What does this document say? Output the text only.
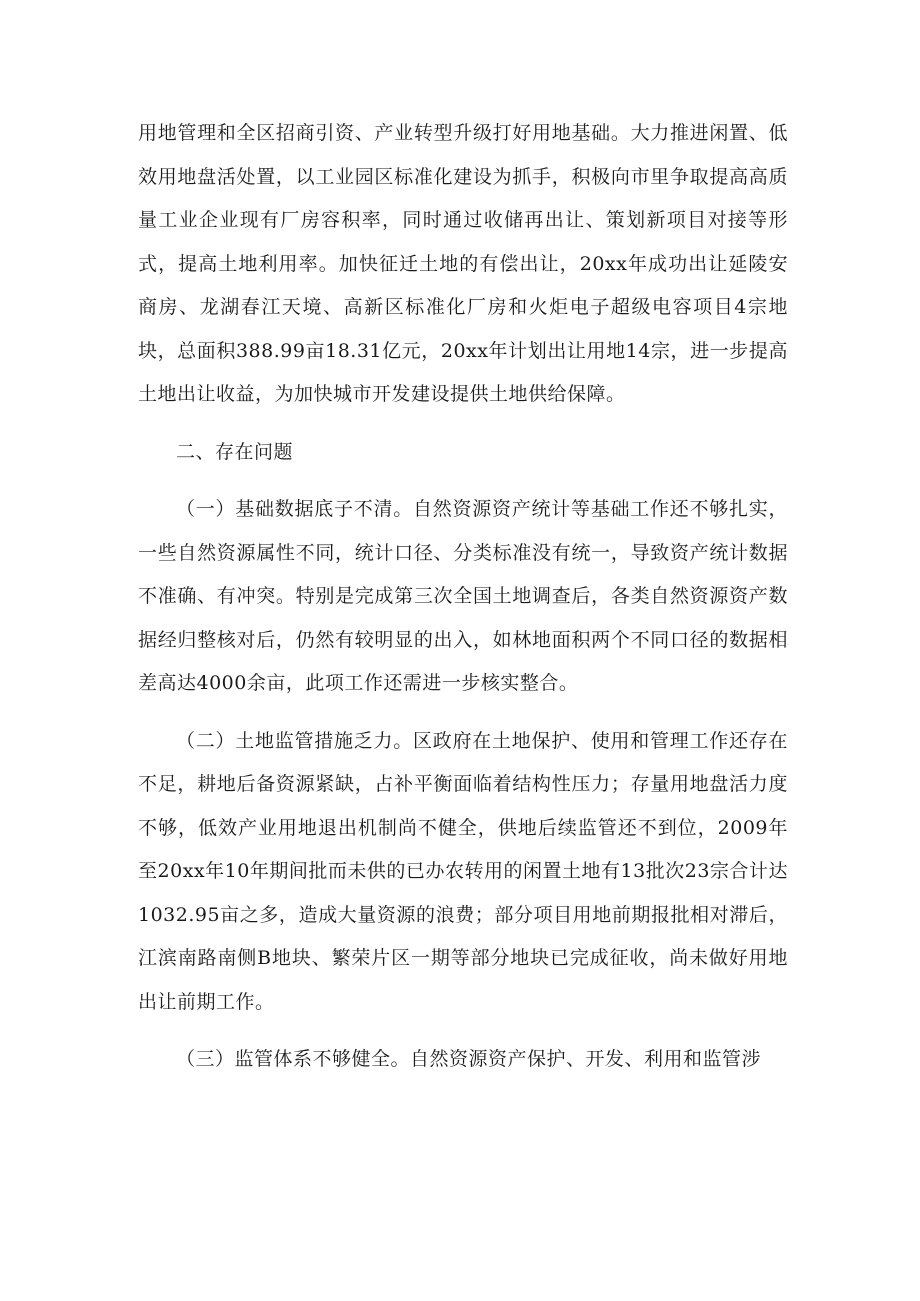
用地管理和全区招商引资、产业转型升级打好用地基础。大力推进闲置、低效用地盘活处置，以工业园区标准化建设为抓手，积极向市里争取提高高质量工业企业现有厂房容积率，同时通过收储再出让、策划新项目对接等形式，提高土地利用率。加快征迁土地的有偿出让，20xx年成功出让延陵安商房、龙湖春江天境、高新区标准化厂房和火炬电子超级电容项目4宗地块，总面积388.99亩18.31亿元，20xx年计划出让用地14宗，进一步提高土地出让收益，为加快城市开发建设提供土地供给保障。

二、存在问题

（一）基础数据底子不清。自然资源资产统计等基础工作还不够扎实，一些自然资源属性不同，统计口径、分类标准没有统一，导致资产统计数据不准确、有冲突。特别是完成第三次全国土地调查后，各类自然资源资产数据经归整核对后，仍然有较明显的出入，如林地面积两个不同口径的数据相差高达4000余亩，此项工作还需进一步核实整合。

（二）土地监管措施乏力。区政府在土地保护、使用和管理工作还存在不足，耕地后备资源紧缺，占补平衡面临着结构性压力；存量用地盘活力度不够，低效产业用地退出机制尚不健全，供地后续监管还不到位，2009年至20xx年10年期间批而未供的已办农转用的闲置土地有13批次23宗合计达1032.95亩之多，造成大量资源的浪费；部分项目用地前期报批相对滞后，江滨南路南侧B地块、繁荣片区一期等部分地块已完成征收，尚未做好用地出让前期工作。

（三）监管体系不够健全。自然资源资产保护、开发、利用和监管涉
